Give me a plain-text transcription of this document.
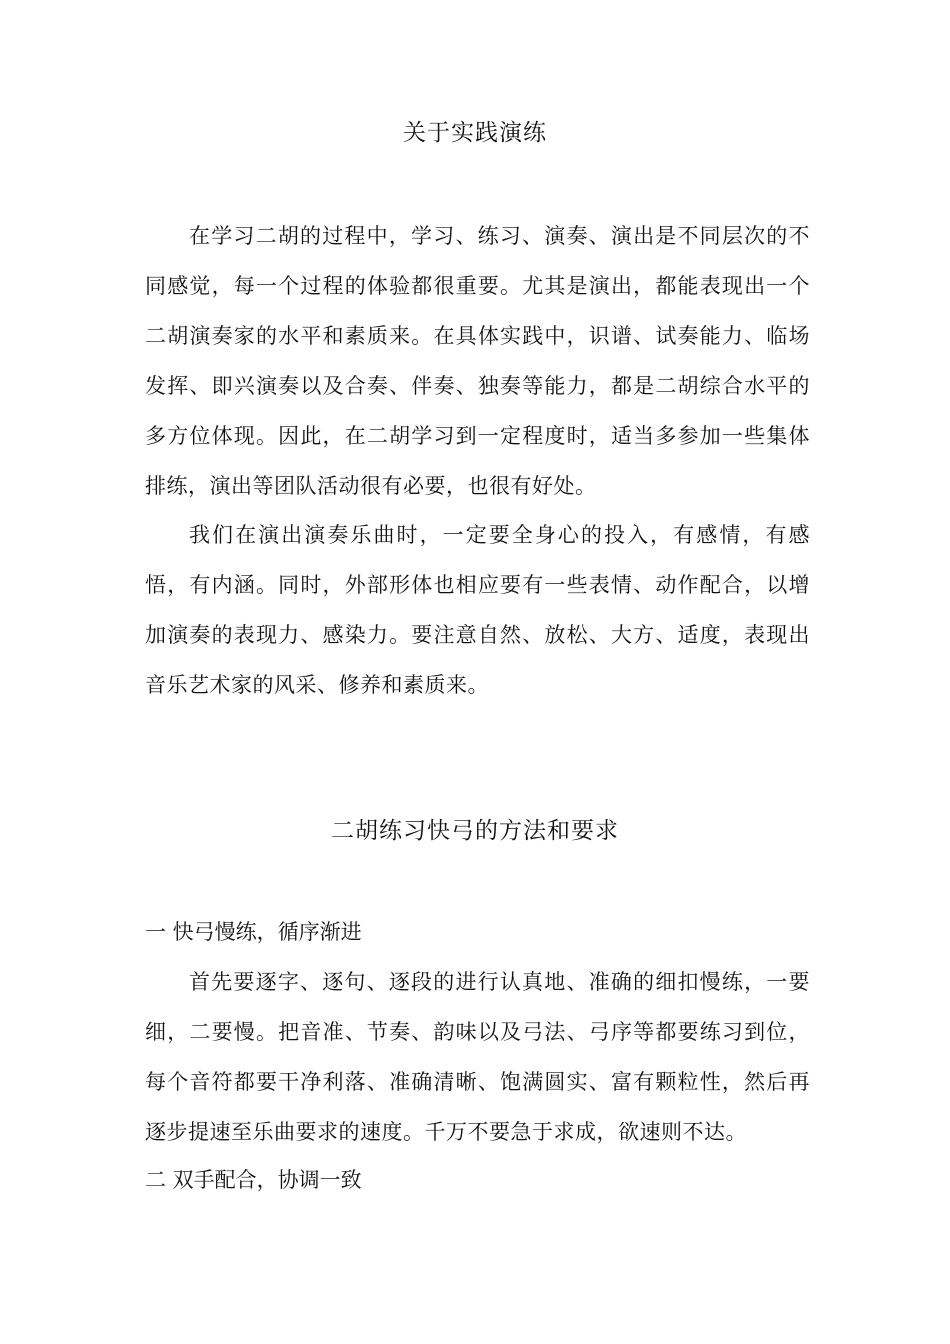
关于实践演练

在学习二胡的过程中，学习、练习、演奏、演出是不同层次的不同感觉，每一个过程的体验都很重要。尤其是演出，都能表现出一个二胡演奏家的水平和素质来。在具体实践中，识谱、试奏能力、临场发挥、即兴演奏以及合奏、伴奏、独奏等能力，都是二胡综合水平的多方位体现。因此，在二胡学习到一定程度时，适当多参加一些集体排练，演出等团队活动很有必要，也很有好处。

我们在演出演奏乐曲时，一定要全身心的投入，有感情，有感悟，有内涵。同时，外部形体也相应要有一些表情、动作配合，以增加演奏的表现力、感染力。要注意自然、放松、大方、适度，表现出音乐艺术家的风采、修养和素质来。

二胡练习快弓的方法和要求
一 快弓慢练，循序渐进

首先要逐字、逐句、逐段的进行认真地、准确的细扣慢练，一要细，二要慢。把音准、节奏、韵味以及弓法、弓序等都要练习到位，每个音符都要干净利落、准确清晰、饱满圆实、富有颗粒性，然后再逐步提速至乐曲要求的速度。千万不要急于求成，欲速则不达。

二 双手配合，协调一致
